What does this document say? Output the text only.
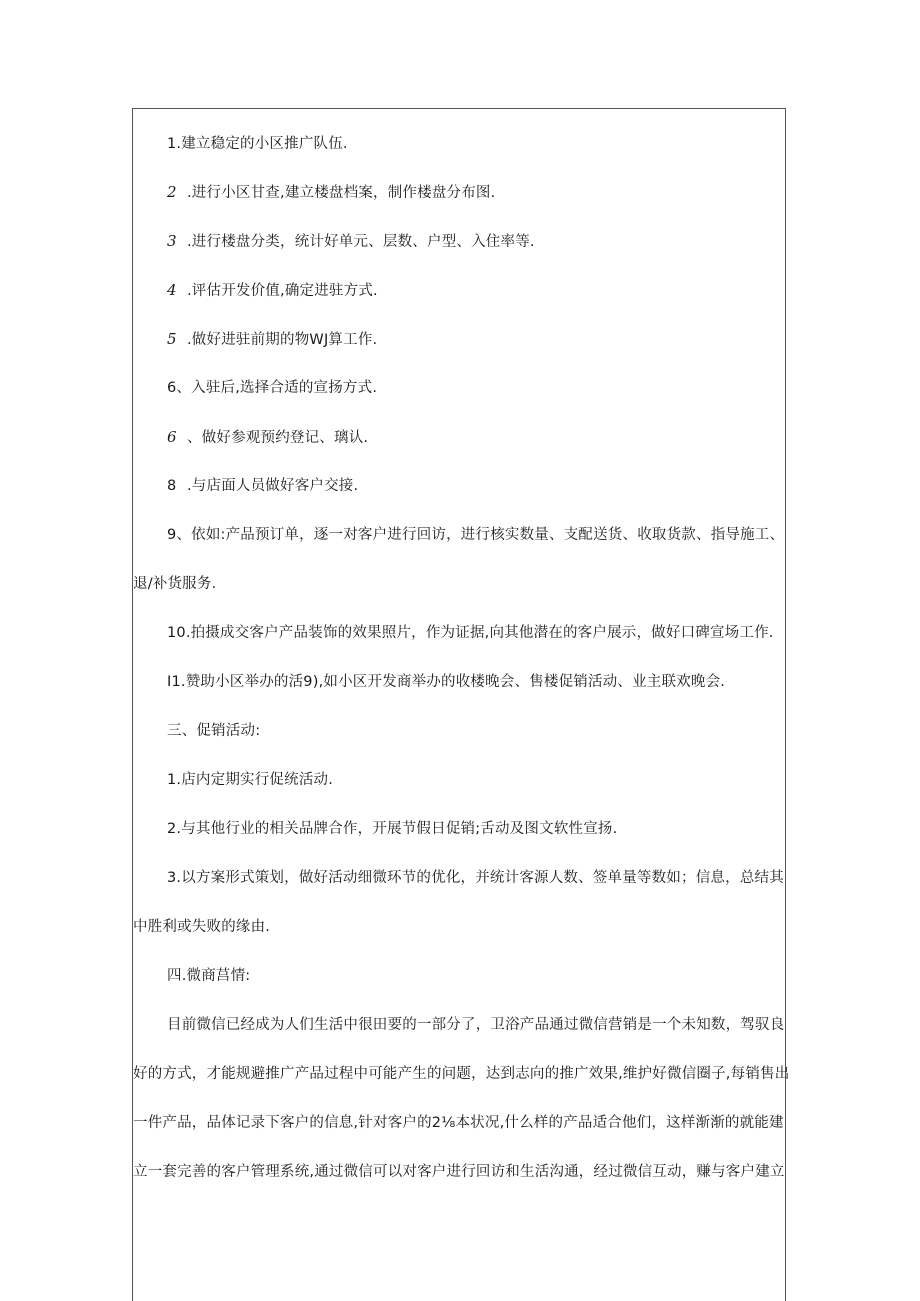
1.建立稳定的小区推广队伍.
2 .进行小区甘查,建立楼盘档案，制作楼盘分布图.
3 .进行楼盘分类，统计好单元、层数、户型、入住率等.
4 .评估开发价值,确定进驻方式.
5 .做好进驻前期的物WJ算工作.
6、入驻后,选择合适的宣扬方式.
6 、做好参观预约登记、璃认.
8 .与店面人员做好客户交接.
9、依如:产品预订单，逐一对客户进行回访，进行核实数量、支配送货、收取货款、指导施工、
退/补货服务.
10.拍摄成交客户产品装饰的效果照片，作为证据,向其他潜在的客户展示，做好口碑宣场工作.
I1.赞助小区举办的活9),如小区开发商举办的收楼晚会、售楼促销活动、业主联欢晚会.
三、促销活动:
1.店内定期实行促统活动.
2.与其他行业的相关品牌合作，开展节假日促销;舌动及图文软性宣扬.
3.以方案形式策划，做好活动细微环节的优化，并统计客源人数、签单量等数如；信息，总结其
中胜利或失败的缘由.
四.微商莒情:
目前微信已经成为人们生活中很田要的一部分了，卫浴产品通过微信营销是一个未知数，驾驭良
好的方式，才能规避推广产品过程中可能产生的问题，达到志向的推广效果,维护好微信圈子,每销售出
一件产品，品体记录下客户的信息,针对客户的2⅛本状况,什么样的产品适合他们，这样渐渐的就能建
立一套完善的客户管理系统,通过微信可以对客户进行回访和生活沟通，经过微信互动，赚与客户建立
